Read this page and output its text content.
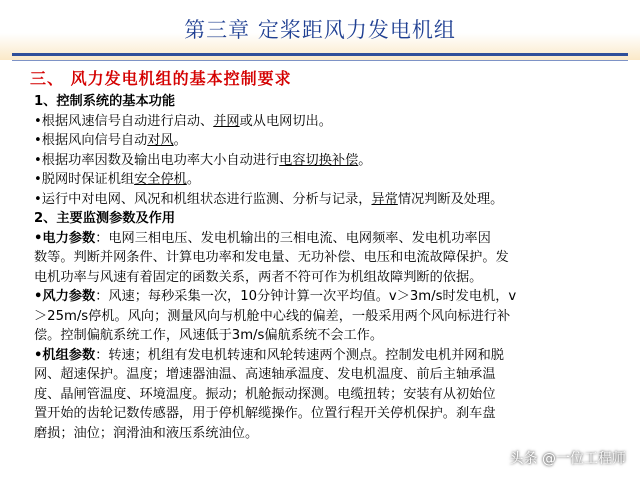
第三章 定桨距风力发电机组
三、 风力发电机组的基本控制要求
1、控制系统的基本功能
•根据风速信号自动进行启动、并网或从电网切出。
•根据风向信号自动对风。
•根据功率因数及输出电功率大小自动进行电容切换补偿。
•脱网时保证机组安全停机。
•运行中对电网、风况和机组状态进行监测、分析与记录，异常情况判断及处理。
2、主要监测参数及作用
•电力参数：电网三相电压、发电机输出的三相电流、电网频率、发电机功率因
数等。判断并网条件、计算电功率和发电量、无功补偿、电压和电流故障保护。发
电机功率与风速有着固定的函数关系，两者不符可作为机组故障判断的依据。
•风力参数：风速；每秒采集一次，10分钟计算一次平均值。v＞3m/s时发电机，v
＞25m/s停机。风向；测量风向与机舱中心线的偏差，一般采用两个风向标进行补
偿。控制偏航系统工作，风速低于3m/s偏航系统不会工作。
•机组参数：转速；机组有发电机转速和风轮转速两个测点。控制发电机并网和脱
网、超速保护。温度；增速器油温、高速轴承温度、发电机温度、前后主轴承温
度、晶闸管温度、环境温度。振动；机舱振动探测。电缆扭转；安装有从初始位
置开始的齿轮记数传感器，用于停机解缆操作。位置行程开关停机保护。刹车盘
磨损；油位；润滑油和液压系统油位。
头条 @一位工程师
